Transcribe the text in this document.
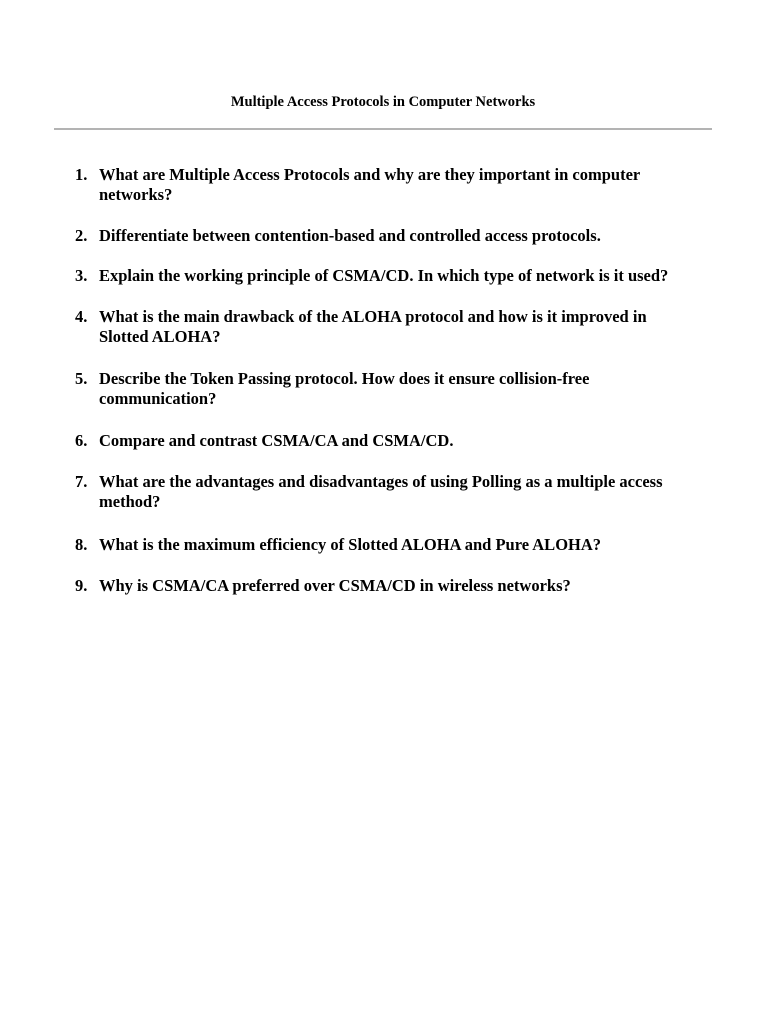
Multiple Access Protocols in Computer Networks
1. What are Multiple Access Protocols and why are they important in computer networks?
2. Differentiate between contention-based and controlled access protocols.
3. Explain the working principle of CSMA/CD. In which type of network is it used?
4. What is the main drawback of the ALOHA protocol and how is it improved in Slotted ALOHA?
5. Describe the Token Passing protocol. How does it ensure collision-free communication?
6. Compare and contrast CSMA/CA and CSMA/CD.
7. What are the advantages and disadvantages of using Polling as a multiple access method?
8. What is the maximum efficiency of Slotted ALOHA and Pure ALOHA?
9. Why is CSMA/CA preferred over CSMA/CD in wireless networks?
